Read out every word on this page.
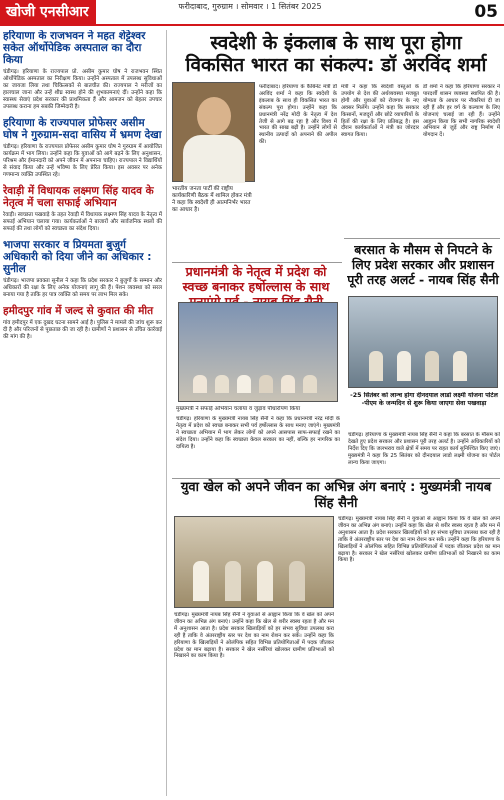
खोजी एनसीआर	फरीदाबाद, गुरुग्राम । सोमवार । 1 सितंबर 2025	05
हरियाणा के राजभवन ने महत शेट्टेश्वर सकेत ऑर्थोपेडिक अस्पताल का दौरा किया

चंडीगढ़। हरियाणा के राज्यपाल प्रो. असीम कुमार घोष ने राजभवन स्थित ऑर्थोपेडिक अस्पताल का निरीक्षण किया। उन्होंने अस्पताल में उपलब्ध सुविधाओं का जायजा लिया तथा चिकित्सकों से बातचीत की। राज्यपाल ने मरीजों का हालचाल जाना और उन्हें शीघ्र स्वस्थ होने की शुभकामनाएं दीं। उन्होंने कहा कि स्वास्थ्य सेवाएं प्रदेश सरकार की प्राथमिकता हैं और आमजन को बेहतर उपचार उपलब्ध कराना हम सबकी जिम्मेदारी है।

हरियाणा के राज्यपाल प्रोफेसर असीम घोष ने गुरुग्राम-सदा वासिय में भ्रमण देखा

चंडीगढ़। हरियाणा के राज्यपाल प्रोफेसर असीम कुमार घोष ने गुरुग्राम में आयोजित कार्यक्रम में भाग लिया। उन्होंने कहा कि युवाओं को आगे बढ़ने के लिए अनुशासन, परिश्रम और ईमानदारी को अपने जीवन में अपनाना चाहिए। राज्यपाल ने विद्यार्थियों से संवाद किया और उन्हें भविष्य के लिए प्रेरित किया। इस अवसर पर अनेक गणमान्य व्यक्ति उपस्थित रहे।

रेवाड़ी में विधायक लक्ष्मण सिंह यादव के नेतृत्व में चला सफाई अभियान

रेवाड़ी। स्वच्छता पखवाड़े के तहत रेवाड़ी में विधायक लक्ष्मण सिंह यादव के नेतृत्व में सफाई अभियान चलाया गया। कार्यकर्ताओं ने बाजारों और सार्वजनिक स्थलों की सफाई की तथा लोगों को स्वच्छता का संदेश दिया।

भाजपा सरकार व प्रियमता बुजुर्ग अधिकारी को दिया जीने का अधिकार : सुनील

चंडीगढ़। भाजपा प्रवक्ता सुनील ने कहा कि प्रदेश सरकार ने बुजुर्गों के सम्मान और अधिकारों की रक्षा के लिए अनेक योजनाएं लागू की हैं। पेंशन व्यवस्था को सरल बनाया गया है ताकि हर पात्र व्यक्ति को समय पर लाभ मिल सके।

हमीदपुर गांव में जल्द से कुवात की मीत

गांव हमीदपुर में एक दुखद घटना सामने आई है। पुलिस ने मामले की जांच शुरू कर दी है और परिजनों से पूछताछ की जा रही है। ग्रामीणों ने प्रशासन से उचित कार्रवाई की मांग की है।

स्वदेशी के इंकलाब के साथ पूरा होगा
विकसित भारत का संकल्प: डॉ अरविंद शर्मा
भारतीय जनता पार्टी की राष्ट्रीय कार्यकारिणी बैठक में शामिल होकर मंत्री ने कहा कि स्वदेशी ही आत्मनिर्भर भारत का आधार है।
फरीदाबाद। हरियाणा के कैबिनेट मंत्री डॉ अरविंद शर्मा ने कहा कि स्वदेशी के इंकलाब के साथ ही विकसित भारत का संकल्प पूरा होगा। उन्होंने कहा कि प्रधानमंत्री नरेंद्र मोदी के नेतृत्व में देश तेजी से आगे बढ़ रहा है और विश्व में भारत की साख बढ़ी है। उन्होंने लोगों से स्थानीय उत्पादों को अपनाने की अपील की।
मंत्री ने कहा कि स्वदेशी वस्तुओं के उपयोग से देश की अर्थव्यवस्था मजबूत होगी और युवाओं को रोजगार के नए अवसर मिलेंगे। उन्होंने कहा कि सरकार किसानों, मजदूरों और छोटे व्यापारियों के हितों की रक्षा के लिए प्रतिबद्ध है। इस दौरान कार्यकर्ताओं ने मंत्री का जोरदार स्वागत किया।
डॉ शर्मा ने कहा कि हरियाणा सरकार ने पारदर्शी शासन व्यवस्था स्थापित की है। योग्यता के आधार पर नौकरियां दी जा रही हैं और हर वर्ग के कल्याण के लिए योजनाएं चलाई जा रही हैं। उन्होंने आह्वान किया कि सभी नागरिक स्वदेशी अभियान से जुड़ें और राष्ट्र निर्माण में योगदान दें।
प्रधानमंत्री के नेतृत्व में प्रदेश को स्वच्छ बनाकर हर्षोल्लास के साथ
मुख्यमंत्री ने सफाई अभियान चलाया व जुड़ाव पौधारोपण किया
चंडीगढ़। हरियाणा के मुख्यमंत्री नायब सिंह सैनी ने कहा कि प्रधानमंत्री नरेंद्र मोदी के नेतृत्व में प्रदेश को स्वच्छ बनाकर सभी पर्व हर्षोल्लास के साथ मनाए जाएंगे। मुख्यमंत्री ने स्वच्छता अभियान में भाग लेकर लोगों को अपने आसपास साफ-सफाई रखने का संदेश दिया। उन्होंने कहा कि स्वच्छता केवल सरकार का नहीं, बल्कि हर नागरिक का दायित्व है।
बरसात के मौसम से निपटने के लिए प्रदेश सरकार और प्रशासन पूरी तरह अलर्ट - नायब सिंह सैनी
-25 सितंबर को लान्च होगा दीनदयाल लाडो लक्ष्मी योजना पोर्टल -पीएम के जन्मदिन से शुरू किया जाएगा सेवा पखवाड़ा
चंडीगढ़। हरियाणा के मुख्यमंत्री नायब सिंह सैनी ने कहा कि बरसात के मौसम को देखते हुए प्रदेश सरकार और प्रशासन पूरी तरह अलर्ट है। उन्होंने अधिकारियों को निर्देश दिए कि जलभराव वाले क्षेत्रों में समय पर राहत कार्य सुनिश्चित किए जाएं। मुख्यमंत्री ने कहा कि 25 सितंबर को दीनदयाल लाडो लक्ष्मी योजना का पोर्टल लान्च किया जाएगा।
युवा खेल को अपने जीवन का अभिन्न अंग बनाएं : मुख्यमंत्री नायब सिंह सैनी
चंडीगढ़। मुख्यमंत्री नायब सिंह सैनी ने युवाओं से आह्वान किया कि वे खेल को अपने जीवन का अभिन्न अंग बनाएं। उन्होंने कहा कि खेल से शरीर स्वस्थ रहता है और मन में अनुशासन आता है। प्रदेश सरकार खिलाड़ियों को हर संभव सुविधा उपलब्ध करा रही है ताकि वे अंतरराष्ट्रीय स्तर पर देश का नाम रोशन कर सकें। उन्होंने कहा कि हरियाणा के खिलाड़ियों ने ओलंपिक सहित विभिन्न प्रतियोगिताओं में पदक जीतकर प्रदेश का मान बढ़ाया है। सरकार ने खेल नर्सरियां खोलकर ग्रामीण प्रतिभाओं को निखारने का काम किया है।
चंडीगढ़। मुख्यमंत्री नायब सिंह सैनी ने युवाओं से आह्वान किया कि वे खेल को अपने जीवन का अभिन्न अंग बनाएं। उन्होंने कहा कि खेल से शरीर स्वस्थ रहता है और मन में अनुशासन आता है। प्रदेश सरकार खिलाड़ियों को हर संभव सुविधा उपलब्ध करा रही है ताकि वे अंतरराष्ट्रीय स्तर पर देश का नाम रोशन कर सकें। उन्होंने कहा कि हरियाणा के खिलाड़ियों ने ओलंपिक सहित विभिन्न प्रतियोगिताओं में पदक जीतकर प्रदेश का मान बढ़ाया है। सरकार ने खेल नर्सरियां खोलकर ग्रामीण प्रतिभाओं को निखारने का काम किया है।
